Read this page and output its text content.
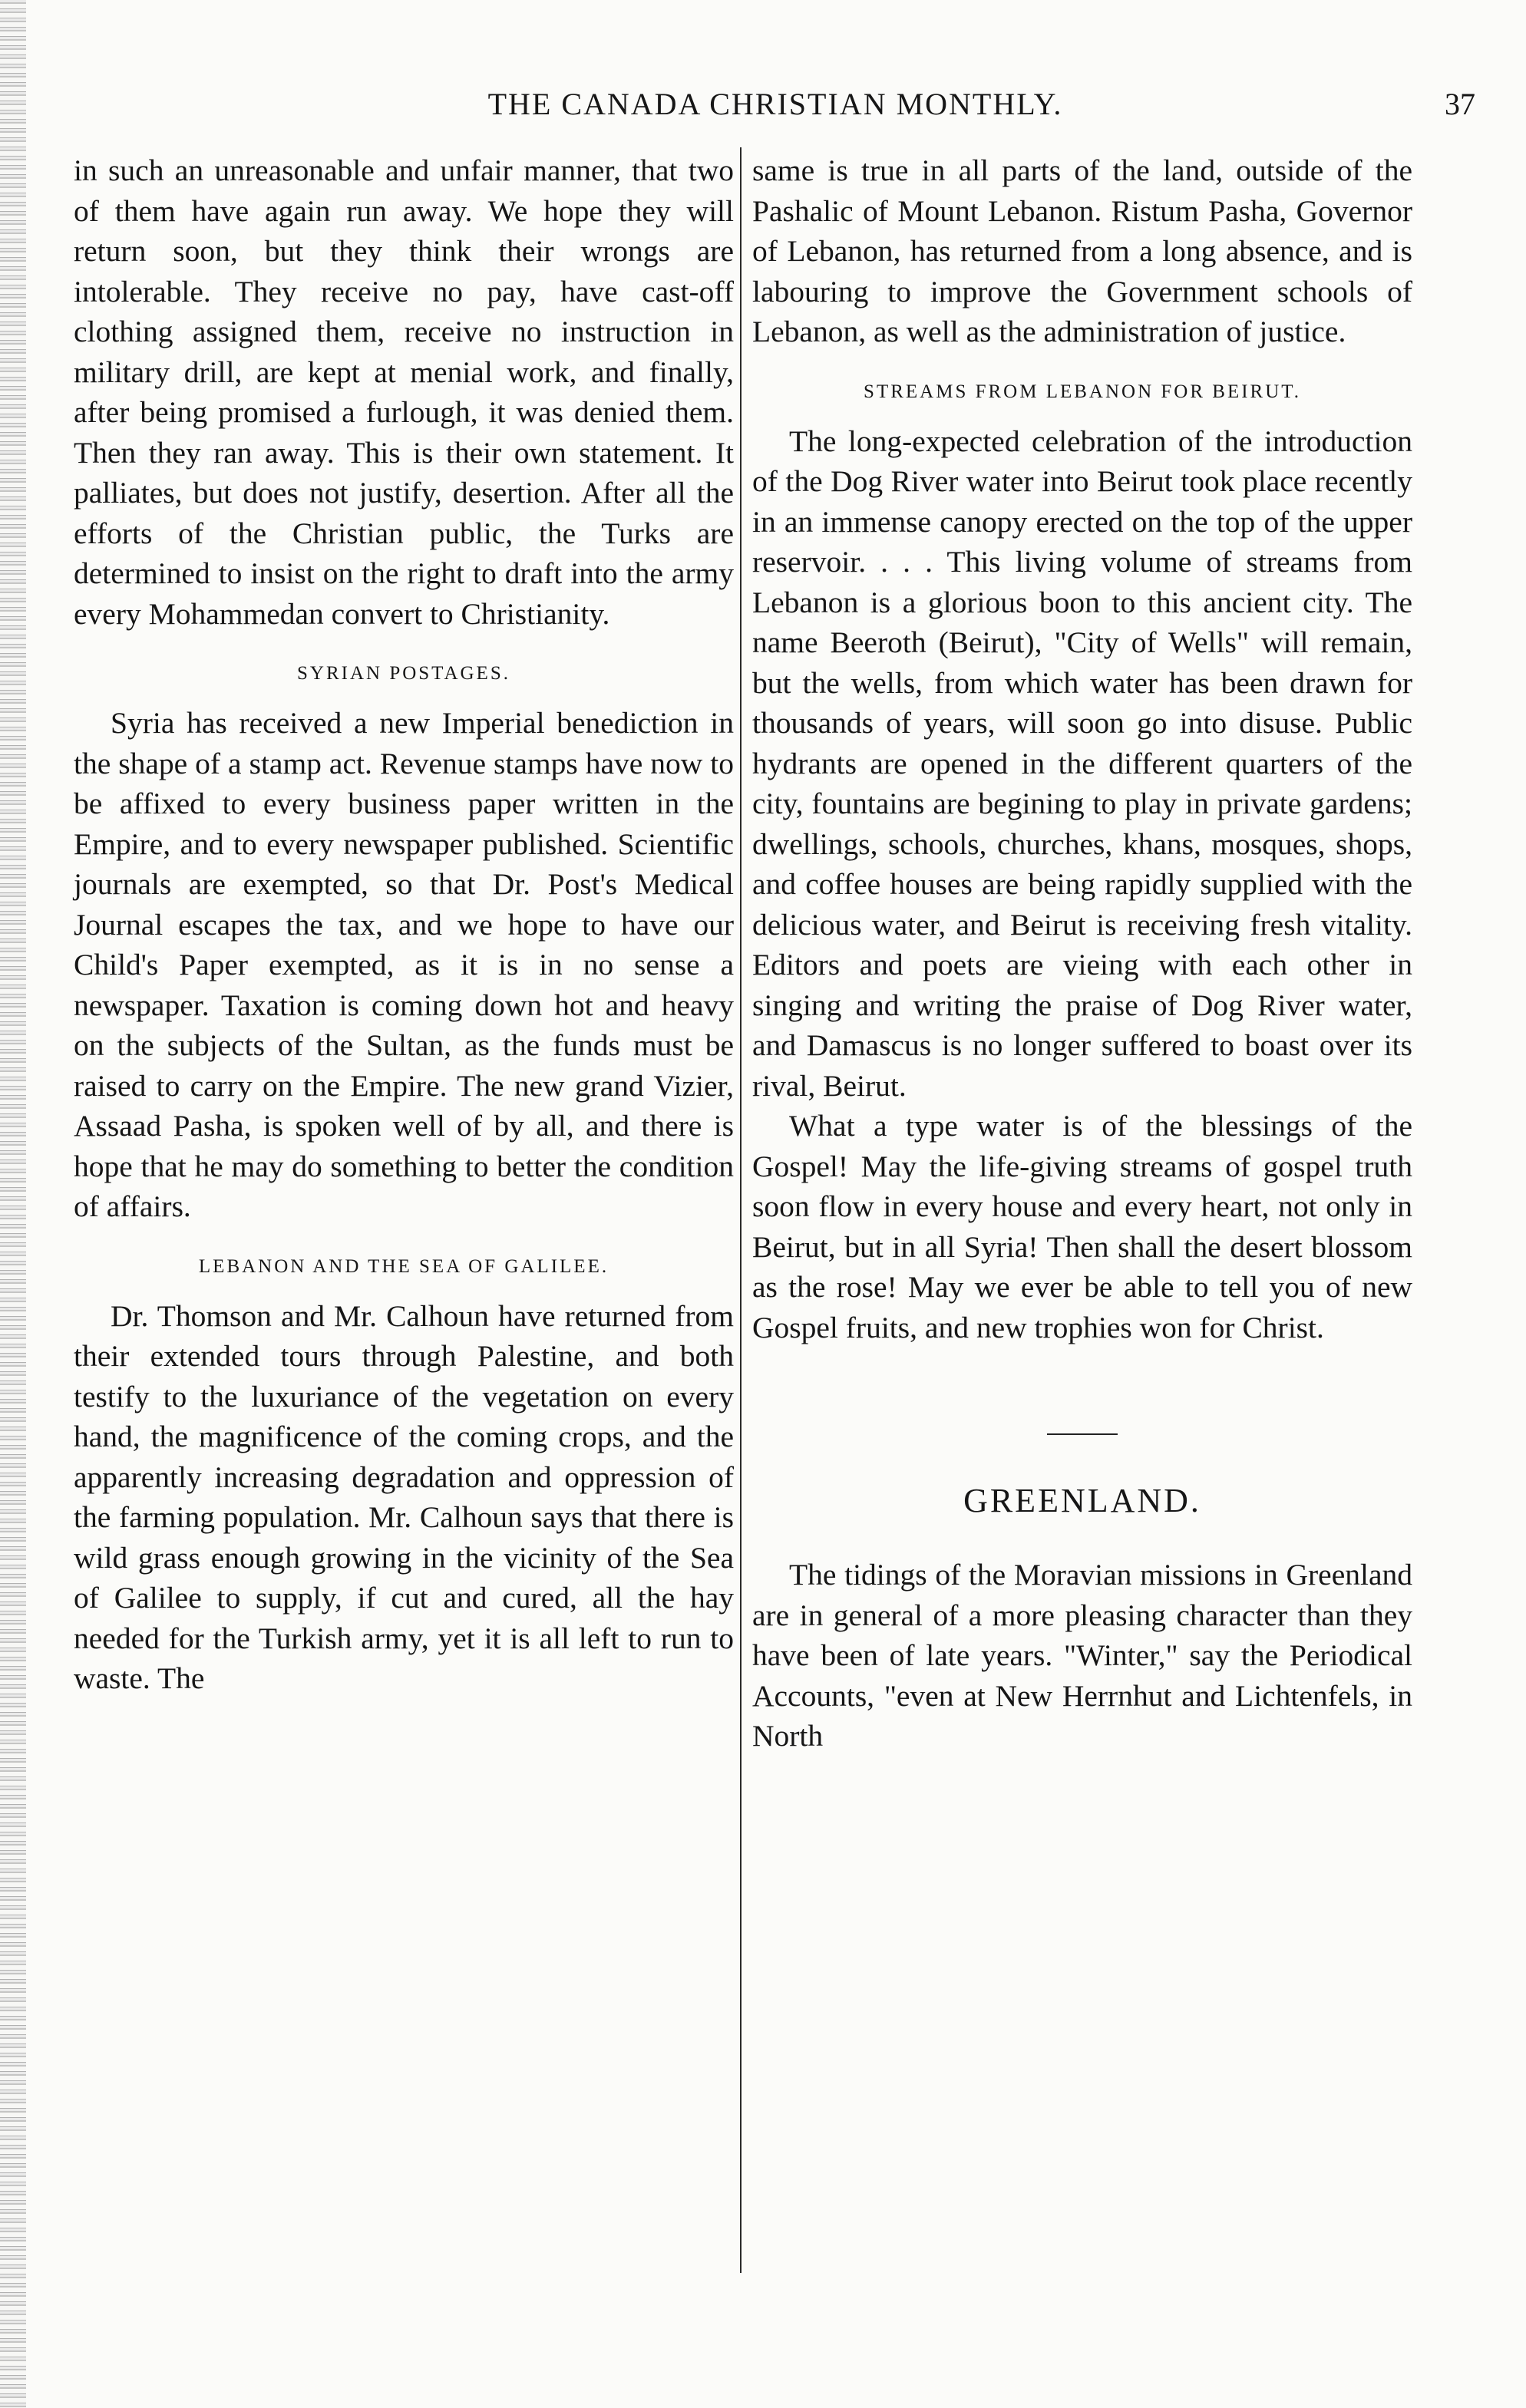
THE CANADA CHRISTIAN MONTHLY.	37

in such an unreasonable and unfair manner, that two of them have again run away. We hope they will return soon, but they think their wrongs are intolerable. They receive no pay, have cast-off clothing assigned them, receive no instruction in military drill, are kept at menial work, and finally, after being promised a furlough, it was denied them. Then they ran away. This is their own statement. It palliates, but does not justify, desertion. After all the efforts of the Christian public, the Turks are determined to insist on the right to draft into the army every Mohammedan convert to Christianity.

SYRIAN POSTAGES.

Syria has received a new Imperial benediction in the shape of a stamp act. Revenue stamps have now to be affixed to every business paper written in the Empire, and to every newspaper published. Scientific journals are exempted, so that Dr. Post's Medical Journal escapes the tax, and we hope to have our Child's Paper exempted, as it is in no sense a newspaper. Taxation is coming down hot and heavy on the subjects of the Sultan, as the funds must be raised to carry on the Empire. The new grand Vizier, Assaad Pasha, is spoken well of by all, and there is hope that he may do something to better the condition of affairs.

LEBANON AND THE SEA OF GALILEE.

Dr. Thomson and Mr. Calhoun have returned from their extended tours through Palestine, and both testify to the luxuriance of the vegetation on every hand, the magnificence of the coming crops, and the apparently increasing degradation and oppression of the farming population. Mr. Calhoun says that there is wild grass enough growing in the vicinity of the Sea of Galilee to supply, if cut and cured, all the hay needed for the Turkish army, yet it is all left to run to waste. The

same is true in all parts of the land, outside of the Pashalic of Mount Lebanon. Ristum Pasha, Governor of Lebanon, has returned from a long absence, and is labouring to improve the Government schools of Lebanon, as well as the administration of justice.

STREAMS FROM LEBANON FOR BEIRUT.

The long-expected celebration of the introduction of the Dog River water into Beirut took place recently in an immense canopy erected on the top of the upper reservoir. . . . This living volume of streams from Lebanon is a glorious boon to this ancient city. The name Beeroth (Beirut), "City of Wells" will remain, but the wells, from which water has been drawn for thousands of years, will soon go into disuse. Public hydrants are opened in the different quarters of the city, fountains are begining to play in private gardens; dwellings, schools, churches, khans, mosques, shops, and coffee houses are being rapidly supplied with the delicious water, and Beirut is receiving fresh vitality. Editors and poets are vieing with each other in singing and writing the praise of Dog River water, and Damascus is no longer suffered to boast over its rival, Beirut.

What a type water is of the blessings of the Gospel! May the life-giving streams of gospel truth soon flow in every house and every heart, not only in Beirut, but in all Syria! Then shall the desert blossom as the rose! May we ever be able to tell you of new Gospel fruits, and new trophies won for Christ.

GREENLAND.

The tidings of the Moravian missions in Greenland are in general of a more pleasing character than they have been of late years. "Winter," say the Periodical Accounts, "even at New Herrnhut and Lichtenfels, in North
